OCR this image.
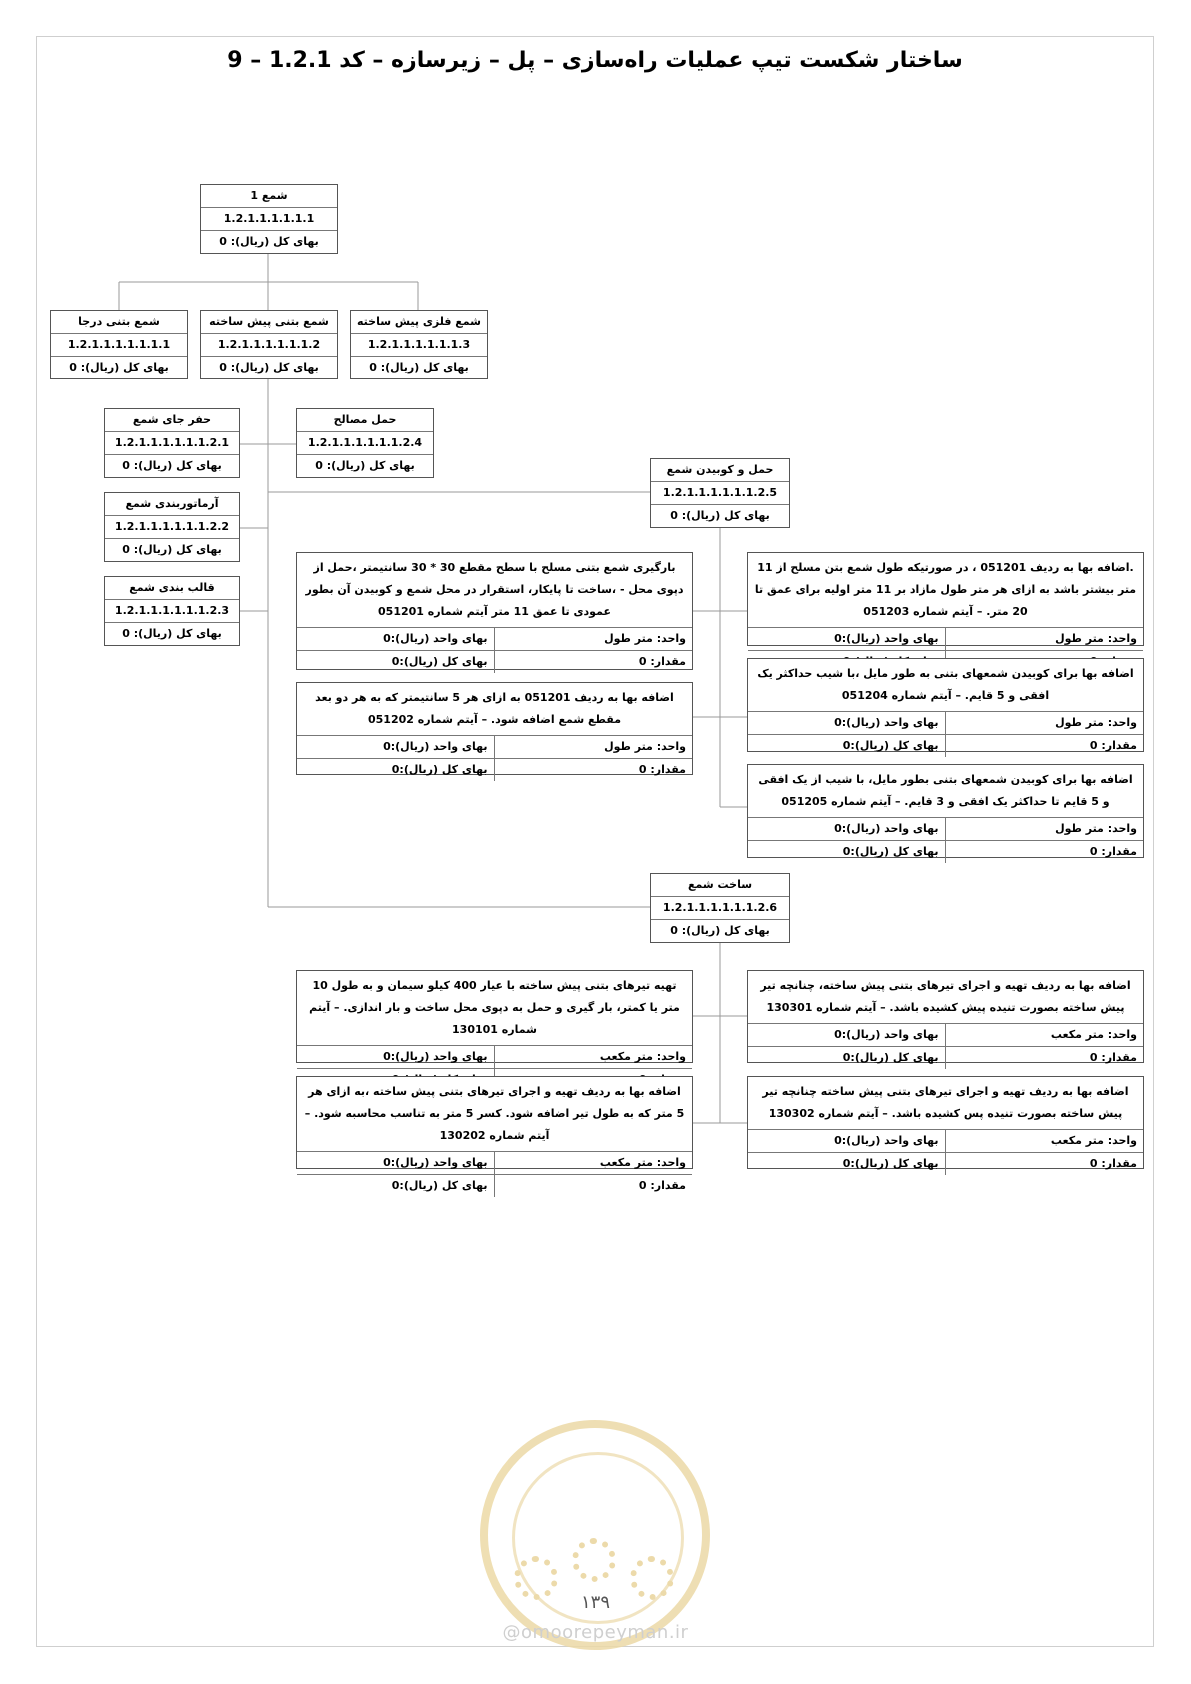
ساختار شکست تیپ عملیات راه‌سازی – پل – زیرسازه – کد 1.2.1 – 9
شمع 1
1.2.1.1.1.1.1.1
بهای کل (ریال): 0
شمع بتنی درجا
1.2.1.1.1.1.1.1.1
بهای کل (ریال): 0
شمع بتنی پیش ساخته
1.2.1.1.1.1.1.1.2
بهای کل (ریال): 0
شمع فلزی پیش ساخته
1.2.1.1.1.1.1.1.3
بهای کل (ریال): 0
حفر جای شمع
1.2.1.1.1.1.1.1.2.1
بهای کل (ریال): 0
آرماتوربندی شمع
1.2.1.1.1.1.1.1.2.2
بهای کل (ریال): 0
قالب بندی شمع
1.2.1.1.1.1.1.1.2.3
بهای کل (ریال): 0
حمل مصالح
1.2.1.1.1.1.1.1.2.4
بهای کل (ریال): 0	حمل و کوبیدن شمع
1.2.1.1.1.1.1.1.2.5
بهای کل (ریال): 0
ساخت شمع
1.2.1.1.1.1.1.1.2.6
بهای کل (ریال): 0
بارگیری شمع بتنی مسلح با سطح مقطع 30 * 30 سانتیمتر ،حمل از دپوی محل - ،ساخت تا پایکار، استقرار در محل شمع و کوبیدن آن بطور عمودی تا عمق 11 متر آیتم شماره 051201
واحد: متر طول
بهای واحد (ریال):0
مقدار: 0
بهای کل (ریال):0
اضافه بها به ردیف 051201 به ازای هر 5 سانتیمتر که به هر دو بعد مقطع شمع اضافه شود. – آیتم شماره 051202
واحد: متر طول
بهای واحد (ریال):0
مقدار: 0
بهای کل (ریال):0
.اضافه بها به ردیف 051201 ، در صورتیکه طول شمع بتن مسلح از 11 متر بیشتر باشد به ازای هر متر طول مازاد بر 11 متر اولیه برای عمق تا 20 متر. – آیتم شماره 051203
واحد: متر طول
بهای واحد (ریال):0
اضافه بها برای کوبیدن شمعهای بتنی به طور مایل ،با شیب حداکثر یک افقی و 5 قایم. – آیتم شماره 051204
واحد: متر طول
بهای واحد (ریال):0
مقدار: 0
بهای کل (ریال):0
اضافه بها برای کوبیدن شمعهای بتنی بطور مایل، با شیب از یک افقی و 5 قایم تا حداکثر یک افقی و 3 قایم. – آیتم شماره 051205
واحد: متر طول
بهای واحد (ریال):0
مقدار: 0
بهای کل (ریال):0
تهیه تیرهای بتنی پیش ساخته با عیار 400 کیلو سیمان و به طول 10 متر یا کمتر، بار گیری و حمل به دپوی محل ساخت و بار اندازی. – آیتم شماره 130101
واحد: متر مکعب
بهای واحد (ریال):0
اضافه بها به ردیف تهیه و اجرای تیرهای بتنی پیش ساخته ،به ازای هر 5 متر که به طول تیر اضافه شود. کسر 5 متر به تناسب محاسبه شود. – آیتم شماره 130202
واحد: متر مکعب
بهای واحد (ریال):0
مقدار: 0
بهای کل (ریال):0
اضافه بها به ردیف تهیه و اجرای تیرهای بتنی پیش ساخته، چنانچه تیر پیش ساخته بصورت تنیده پیش کشیده باشد. – آیتم شماره 130301
واحد: متر مکعب
بهای واحد (ریال):0
مقدار: 0
بهای کل (ریال):0
اضافه بها به ردیف تهیه و اجرای تیرهای بتنی پیش ساخته چنانچه تیر پیش ساخته بصورت تنیده پس کشیده باشد. – آیتم شماره 130302
واحد: متر مکعب
بهای واحد (ریال):0
مقدار: 0
بهای کل (ریال):0
۱۳۹
@omoorepeyman.ir
